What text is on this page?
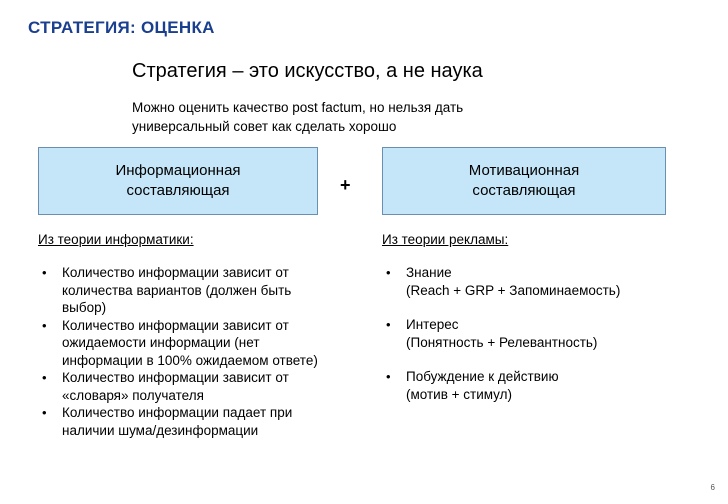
СТРАТЕГИЯ: ОЦЕНКА
Стратегия – это искусство, а не наука
Можно оценить качество post factum, но нельзя дать универсальный совет как сделать хорошо
Информационная
составляющая	+
Мотивационная
составляющая
Из теории информатики:
• Количество информации зависит от количества вариантов (должен быть выбор)
• Количество информации зависит от ожидаемости информации (нет информации в 100% ожидаемом ответе)
• Количество информации зависит от «словаря» получателя
• Количество информации падает при наличии шума/дезинформации
Из теории рекламы:
• Знание
(Reach + GRP + Запоминаемость)
• Интерес
(Понятность + Релевантность)
• Побуждение к действию
(мотив + стимул)
6
